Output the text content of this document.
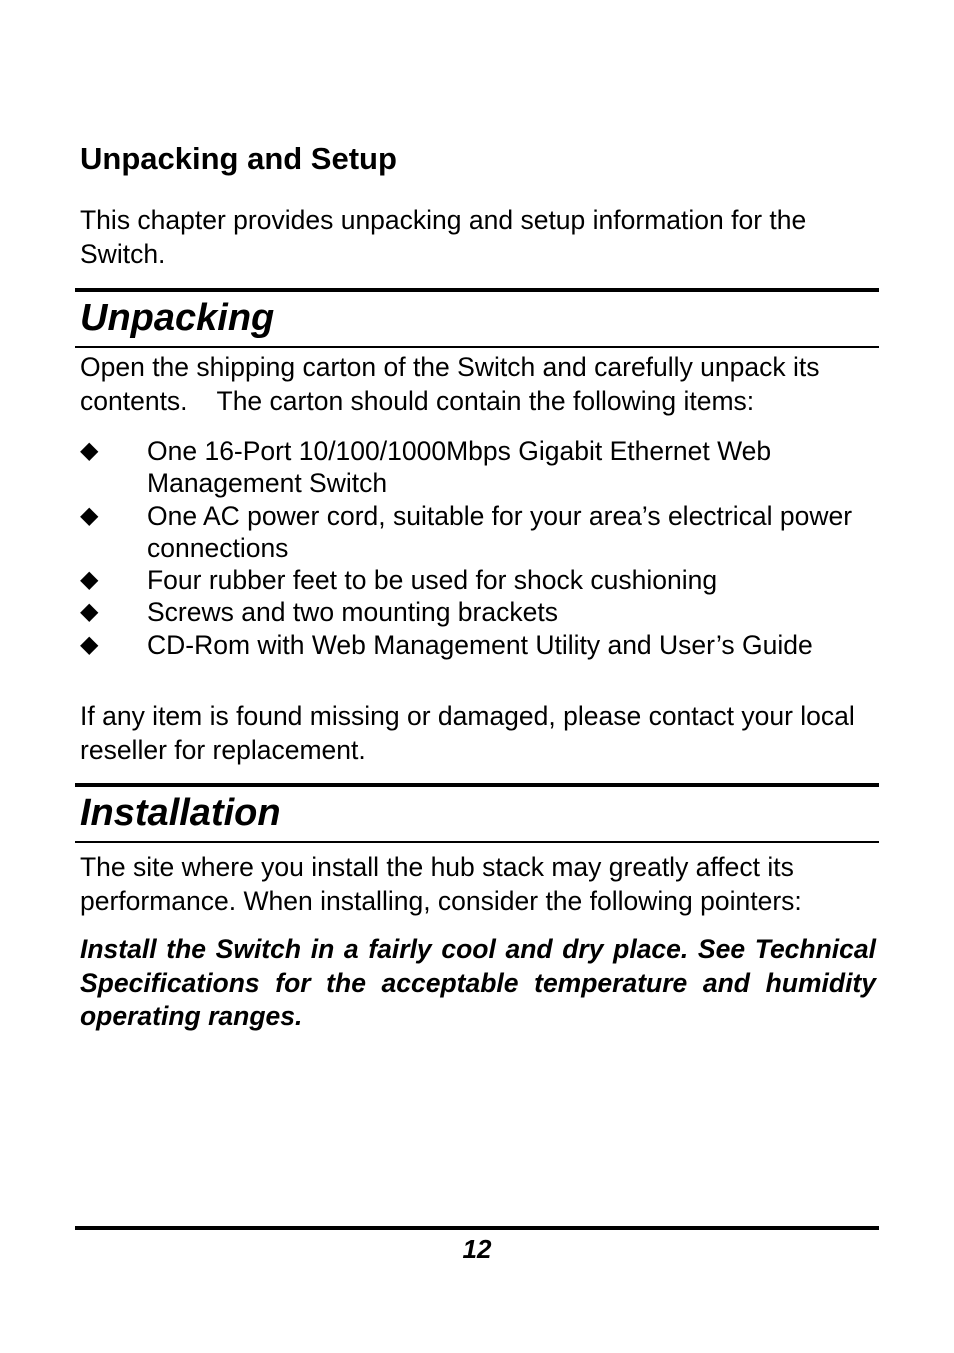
Unpacking and Setup

This chapter provides unpacking and setup information for the Switch.

Unpacking

Open the shipping carton of the Switch and carefully unpack its contents.    The carton should contain the following items:

◆	One 16-Port 10/100/1000Mbps Gigabit Ethernet Web Management Switch
◆	One AC power cord, suitable for your area’s electrical power connections
◆	Four rubber feet to be used for shock cushioning
◆	Screws and two mounting brackets
◆	CD-Rom with Web Management Utility and User’s Guide

If any item is found missing or damaged, please contact your local reseller for replacement.

Installation

The site where you install the hub stack may greatly affect its performance. When installing, consider the following pointers:

Install the Switch in a fairly cool and dry place. See Technical Specifications for the acceptable temperature and humidity operating ranges.

12
